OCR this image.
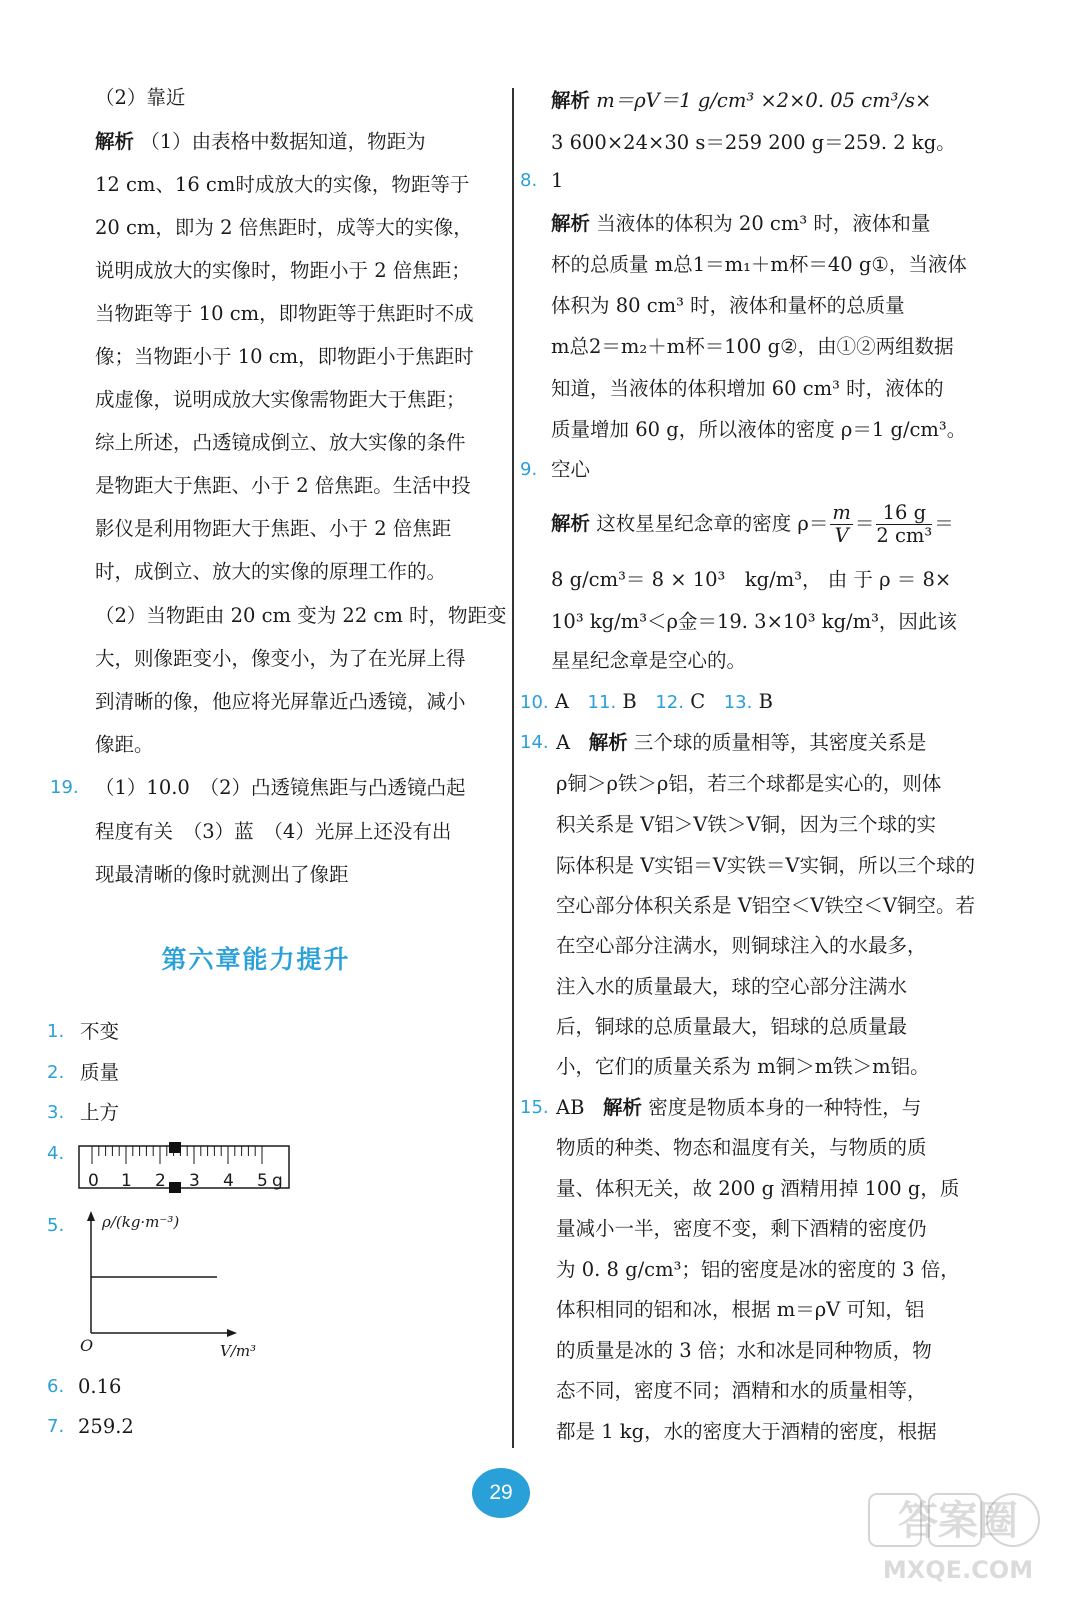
（2）靠近
解析 （1）由表格中数据知道，物距为
12 cm、16 cm时成放大的实像，物距等于
20 cm，即为 2 倍焦距时，成等大的实像，
说明成放大的实像时，物距小于 2 倍焦距；
当物距等于 10 cm，即物距等于焦距时不成
像；当物距小于 10 cm，即物距小于焦距时
成虚像，说明成放大实像需物距大于焦距；
综上所述，凸透镜成倒立、放大实像的条件
是物距大于焦距、小于 2 倍焦距。生活中投
影仪是利用物距大于焦距、小于 2 倍焦距
时，成倒立、放大的实像的原理工作的。
（2）当物距由 20 cm 变为 22 cm 时，物距变
大，则像距变小，像变小，为了在光屏上得
到清晰的像，他应将光屏靠近凸透镜，减小
像距。
19. （1）10.0　（2）凸透镜焦距与凸透镜凸起
程度有关　（3）蓝　（4）光屏上还没有出
现最清晰的像时就测出了像距
第六章能力提升
1. 不变
2. 质量
3. 上方
4.
0 1 2 3 4 5 g
5.	ρ/(kg·m⁻³)
O	V/m³
6. 0.16
7. 259.2
解析 m＝ρV＝1 g/cm³ ×2×0. 05 cm³/s×
3 600×24×30 s＝259 200 g＝259. 2 kg。
8. 1
解析 当液体的体积为 20 cm³ 时，液体和量
杯的总质量 m总1＝m₁＋m杯＝40 g①，当液体
体积为 80 cm³ 时，液体和量杯的总质量
m总2＝m₂＋m杯＝100 g②，由①②两组数据
知道，当液体的体积增加 60 cm³ 时，液体的
质量增加 60 g，所以液体的密度 ρ＝1 g/cm³。
9. 空心
解析 这枚星星纪念章的密度 $\rho= \frac{m}{V} = \frac{16 g}{\text{2 cm³}}$ ＝
8 g/cm³＝ 8 × 10³　kg/m³， 由 于 ρ ＝ 8×
10³ kg/m³＜ρ金＝19. 3×10³ kg/m³，因此该
星星纪念章是空心的。
10. A 11. B 12. C 13. B
14. A 解析 三个球的质量相等，其密度关系是
ρ铜＞ρ铁＞ρ铝，若三个球都是实心的，则体
积关系是 V铝＞V铁＞V铜，因为三个球的实
际体积是 V实铝＝V实铁＝V实铜，所以三个球的
空心部分体积关系是 V铝空＜V铁空＜V铜空。若
在空心部分注满水，则铜球注入的水最多，
注入水的质量最大，球的空心部分注满水
后，铜球的总质量最大，铝球的总质量最
小，它们的质量关系为 m铜＞m铁＞m铝。
15. AB 解析 密度是物质本身的一种特性，与
物质的种类、物态和温度有关，与物质的质
量、体积无关，故 200 g 酒精用掉 100 g，质
量减小一半，密度不变，剩下酒精的密度仍
为 0. 8 g/cm³；铝的密度是冰的密度的 3 倍，
体积相同的铝和冰，根据 m＝ρV 可知，铝
的质量是冰的 3 倍；水和冰是同种物质，物
态不同，密度不同；酒精和水的质量相等，
都是 1 kg，水的密度大于酒精的密度，根据
29
答案圈
MXQE.COM
